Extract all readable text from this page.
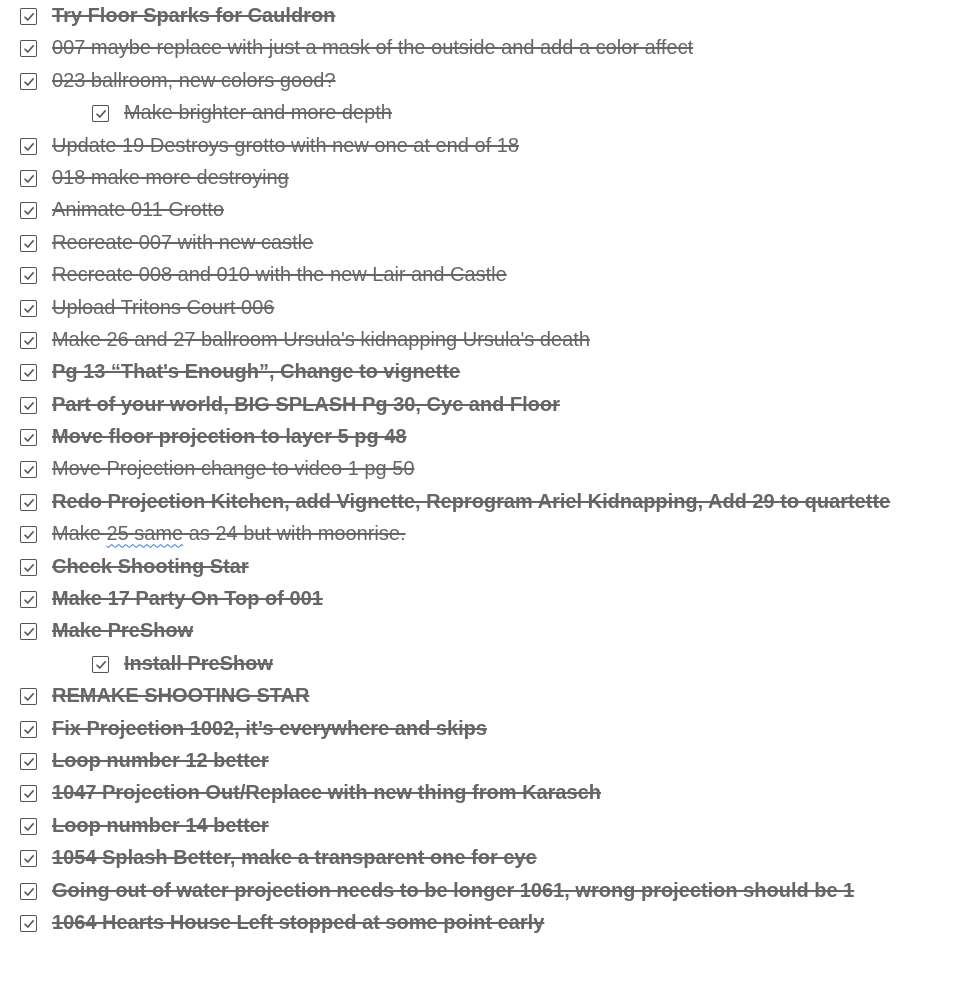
Try Floor Sparks for Cauldron
007 maybe replace with just a mask of the outside and add a color affect
023 ballroom, new colors good?
Make brighter and more depth
Update 19 Destroys grotto with new one at end of 18
018 make more destroying
Animate 011 Grotto
Recreate 007 with new castle
Recreate 008 and 010 with the new Lair and Castle
Upload Tritons Court 006
Make 26 and 27 ballroom Ursula's kidnapping Ursula's death
Pg 13 “That's Enough”, Change to vignette
Part of your world, BIG SPLASH Pg 30, Cyc and Floor
Move floor projection to layer 5 pg 48
Move Projection change to video 1 pg 50
Redo Projection Kitchen, add Vignette, Reprogram Ariel Kidnapping, Add 29 to quartette
Make 25 same as 24 but with moonrise.
Check Shooting Star
Make 17 Party On Top of 001
Make PreShow
Install PreShow
REMAKE SHOOTING STAR
Fix Projection 1002, it’s everywhere and skips
Loop number 12 better
1047 Projection Out/Replace with new thing from Karasch
Loop number 14 better
1054 Splash Better, make a transparent one for cyc
Going out of water projection needs to be longer 1061, wrong projection should be 1
1064 Hearts House Left stopped at some point early
